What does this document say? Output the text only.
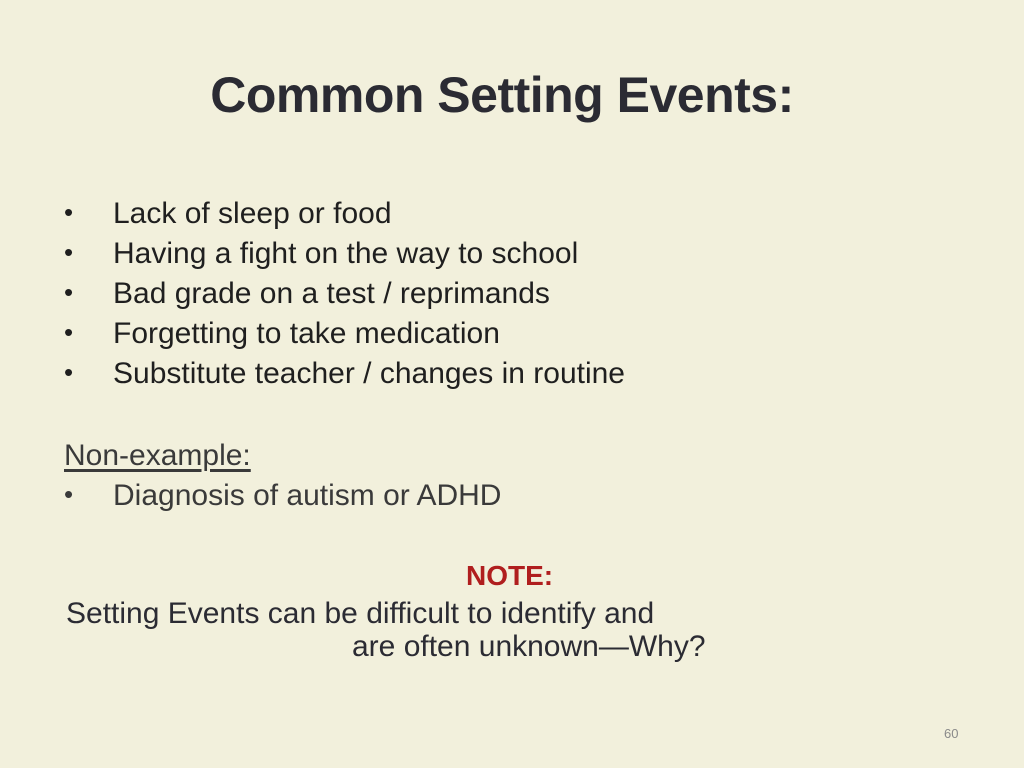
Common Setting Events:
•	Lack of sleep or food
•	Having a fight on the way to school
•	Bad grade on a test / reprimands
•	Forgetting to take medication
•	Substitute teacher / changes in routine
Non-example:
•	Diagnosis of autism or ADHD
NOTE:
Setting Events can be difficult to identify and
are often unknown—Why?
60
